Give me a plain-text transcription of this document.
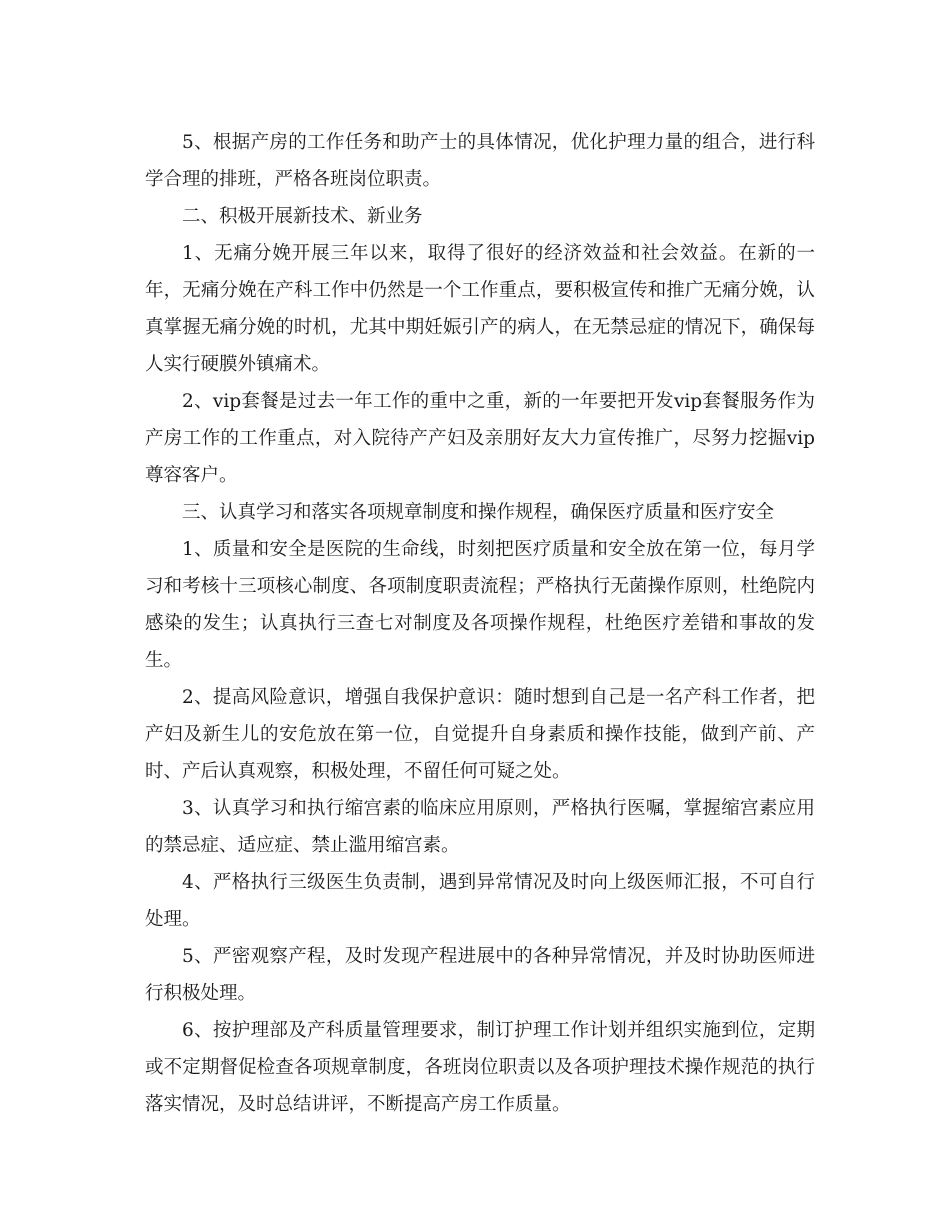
5、根据产房的工作任务和助产士的具体情况，优化护理力量的组合，进行科学合理的排班，严格各班岗位职责。

二、积极开展新技术、新业务

1、无痛分娩开展三年以来，取得了很好的经济效益和社会效益。在新的一年，无痛分娩在产科工作中仍然是一个工作重点，要积极宣传和推广无痛分娩，认真掌握无痛分娩的时机，尤其中期妊娠引产的病人，在无禁忌症的情况下，确保每人实行硬膜外镇痛术。

2、vip套餐是过去一年工作的重中之重，新的一年要把开发vip套餐服务作为产房工作的工作重点，对入院待产产妇及亲朋好友大力宣传推广，尽努力挖掘vip尊容客户。

三、认真学习和落实各项规章制度和操作规程，确保医疗质量和医疗安全

1、质量和安全是医院的生命线，时刻把医疗质量和安全放在第一位，每月学习和考核十三项核心制度、各项制度职责流程；严格执行无菌操作原则，杜绝院内感染的发生；认真执行三查七对制度及各项操作规程，杜绝医疗差错和事故的发生。

2、提高风险意识，增强自我保护意识：随时想到自己是一名产科工作者，把产妇及新生儿的安危放在第一位，自觉提升自身素质和操作技能，做到产前、产时、产后认真观察，积极处理，不留任何可疑之处。

3、认真学习和执行缩宫素的临床应用原则，严格执行医嘱，掌握缩宫素应用的禁忌症、适应症、禁止滥用缩宫素。

4、严格执行三级医生负责制，遇到异常情况及时向上级医师汇报，不可自行处理。

5、严密观察产程，及时发现产程进展中的各种异常情况，并及时协助医师进行积极处理。

6、按护理部及产科质量管理要求，制订护理工作计划并组织实施到位，定期或不定期督促检查各项规章制度，各班岗位职责以及各项护理技术操作规范的执行落实情况，及时总结讲评，不断提高产房工作质量。
